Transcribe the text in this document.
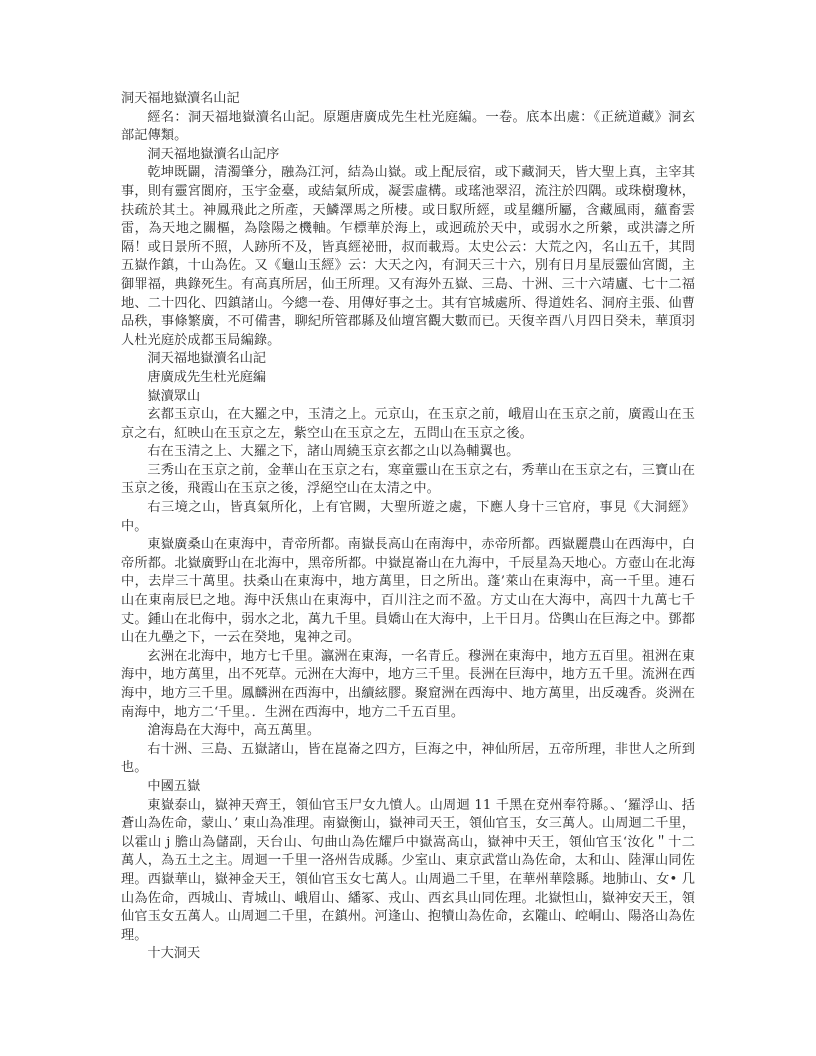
洞天福地嶽瀆名山記

經名：洞天福地嶽瀆名山記。原題唐廣成先生杜光庭編。一卷。底本出處：《正統道藏》洞玄部記傳類。

洞天福地嶽瀆名山記序

乾坤既闢，清濁肇分，融為江河，結為山嶽。或上配辰宿，或下藏洞天，皆大聖上真，主宰其事，則有靈宮閬府，玉宇金臺，或結氣所成，凝雲虛構。或瑤池翠沼，流注於四隅。或珠樹瓊林，扶疏於其土。神鳳飛此之所產，天鱗澤馬之所棲。或日馭所經，或星纏所屬，含藏風雨，蘊畜雲雷，為天地之關樞，為陰陽之機軸。乍標華於海上，或迥疏於天中，或弱水之所縈，或洪濤之所隔！或日景所不照，人跡所不及，皆真經祕冊，叔而載焉。太史公云：大荒之內，名山五千，其問五嶽作鎮，十山為佐。又《龜山玉經》云：大天之內，有洞天三十六，別有日月星辰靈仙宮閬，主御罪福，典錄死生。有高真所居，仙王所理。又有海外五嶽、三島、十洲、三十六靖廬、七十二福地、二十四化、四鎮諸山。今總一卷、用傳好事之士。其有官城處所、得道姓名、洞府主張、仙曹品秩，事條繁廣，不可備書，聊紀所管郡縣及仙壇宮觀大數而已。天復辛酉八月四日癸未，華頂羽人杜光庭於成都玉局編錄。

洞天福地嶽瀆名山記
唐廣成先生杜光庭編
嶽瀆眾山

玄都玉京山，在大羅之中，玉清之上。元京山，在玉京之前，峨眉山在玉京之前，廣霞山在玉京之右，紅映山在玉京之左，紫空山在玉京之左，五問山在玉京之後。

右在玉清之上、大羅之下，諸山周繞玉京玄都之山以為輔翼也。

三秀山在玉京之前，金華山在玉京之右，寒童靈山在玉京之右，秀華山在玉京之右，三寶山在玉京之後，飛霞山在玉京之後，浮絕空山在太清之中。

右三境之山，皆真氣所化，上有官闕，大聖所遊之處，下應人身十三官府，事見《大洞經》中。

東嶽廣桑山在東海中，青帝所都。南嶽長高山在南海中，赤帝所都。西嶽麗農山在西海中，白帝所都。北嶽廣野山在北海中，黑帝所都。中嶽崑崙山在九海中，千辰星為天地心。方壺山在北海中，去岸三十萬里。扶桑山在東海中，地方萬里，日之所出。蓬’萊山在東海中，高一千里。連石山在東南辰巳之地。海中沃焦山在東海中，百川注之而不盈。方丈山在大海中，高四十九萬七千丈。鍾山在北侮中，弱水之北，萬九千里。員嬌山在大海中，上干日月。岱輿山在巨海之中。鄧都山在九壘之下，一云在癸地，鬼神之司。

玄洲在北海中，地方七千里。瀛洲在東海，一名青丘。穆洲在東海中，地方五百里。祖洲在東海中，地方萬里，出不死草。元洲在大海中，地方三千里。長洲在巨海中，地方五千里。流洲在西海中，地方三千里。鳳麟洲在西海中，出續絃膠。聚窟洲在西海中、地方萬里，出反魂香。炎洲在南海中，地方二‘千里。．生洲在西海中，地方二千五百里。

滄海島在大海中，高五萬里。

右十洲、三島、五嶽諸山，皆在崑崙之四方，巨海之中，神仙所居，五帝所理，非世人之所到也。

中國五嶽

東嶽泰山，嶽神天齊王，領仙官玉尸女九憤人。山周迴 11 千黑在兗州奉符縣。、‘羅浮山、括蒼山為佐命，蒙山、’ 東山為准理。南嶽衡山，嶽神司天王，領仙官玉，女三萬人。山周迴二千里，以霍山 j 膽山為儲副，天台山、句曲山為佐耀戶中嶽嵩高山，嶽神中天王，領仙官玉‘汝化＂十二萬人，為五土之主。周迴一千里一洛州告成縣。少室山、東京武當山為佐命，太和山、陸渾山同佐理。西嶽華山，嶽神金天王，領仙官玉女七萬人。山周過二千里，在華州華陰縣。地肺山、女• 几山為佐命，西城山、青城山、峨眉山、繙冢、戎山、西玄具山同佐理。北嶽怛山，嶽神安天王，領仙官玉女五萬人。山周迴二千里，在鎮州。河逢山、抱犢山為佐命，玄隴山、崆峒山、陽洛山為佐理。

十大洞天
